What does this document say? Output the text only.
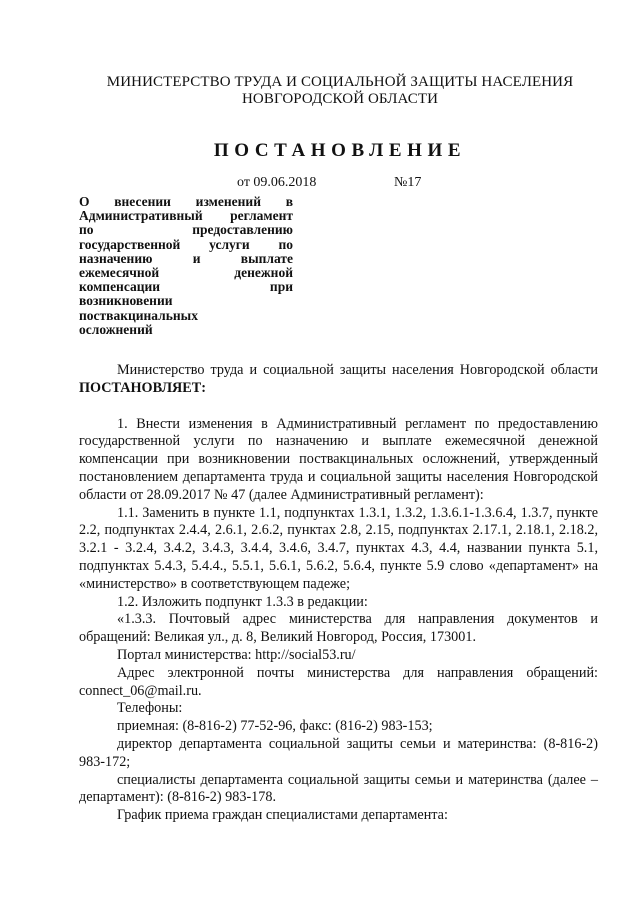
МИНИСТЕРСТВО ТРУДА И СОЦИАЛЬНОЙ ЗАЩИТЫ НАСЕЛЕНИЯ
НОВГОРОДСКОЙ ОБЛАСТИ
ПОСТАНОВЛЕНИЕ
от 09.06.2018	№17
О внесении изменений в
Административный регламент
по предоставлению
государственной услуги по
назначению и выплате
ежемесячной денежной
компенсации при
возникновении
поствакцинальных
осложнений

Министерство труда и социальной защиты населения Новгородской области ПОСТАНОВЛЯЕТ:

1. Внести изменения в Административный регламент по предоставлению государственной услуги по назначению и выплате ежемесячной денежной компенсации при возникновении поствакцинальных осложнений, утвержденный постановлением департамента труда и социальной защиты населения Новгородской области от 28.09.2017 № 47 (далее Административный регламент):

1.1. Заменить в пункте 1.1, подпунктах 1.3.1, 1.3.2, 1.3.6.1-1.3.6.4, 1.3.7, пункте 2.2, подпунктах 2.4.4, 2.6.1, 2.6.2, пунктах 2.8, 2.15, подпунктах 2.17.1, 2.18.1, 2.18.2, 3.2.1 - 3.2.4, 3.4.2, 3.4.3, 3.4.4, 3.4.6, 3.4.7, пунктах 4.3, 4.4, названии пункта 5.1, подпунктах 5.4.3, 5.4.4., 5.5.1, 5.6.1, 5.6.2, 5.6.4, пункте 5.9 слово «департамент» на «министерство» в соответствующем падеже;

1.2. Изложить подпункт 1.3.3 в редакции:

«1.3.3. Почтовый адрес министерства для направления документов и обращений: Великая ул., д. 8, Великий Новгород, Россия, 173001.

Портал министерства: http://social53.ru/

Адрес электронной почты министерства для направления обращений: connect_06@mail.ru.

Телефоны:

приемная: (8-816-2) 77-52-96, факс: (816-2) 983-153;

директор департамента социальной защиты семьи и материнства: (8-816-2) 983-172;

специалисты департамента социальной защиты семьи и материнства (далее – департамент): (8-816-2) 983-178.

График приема граждан специалистами департамента:
